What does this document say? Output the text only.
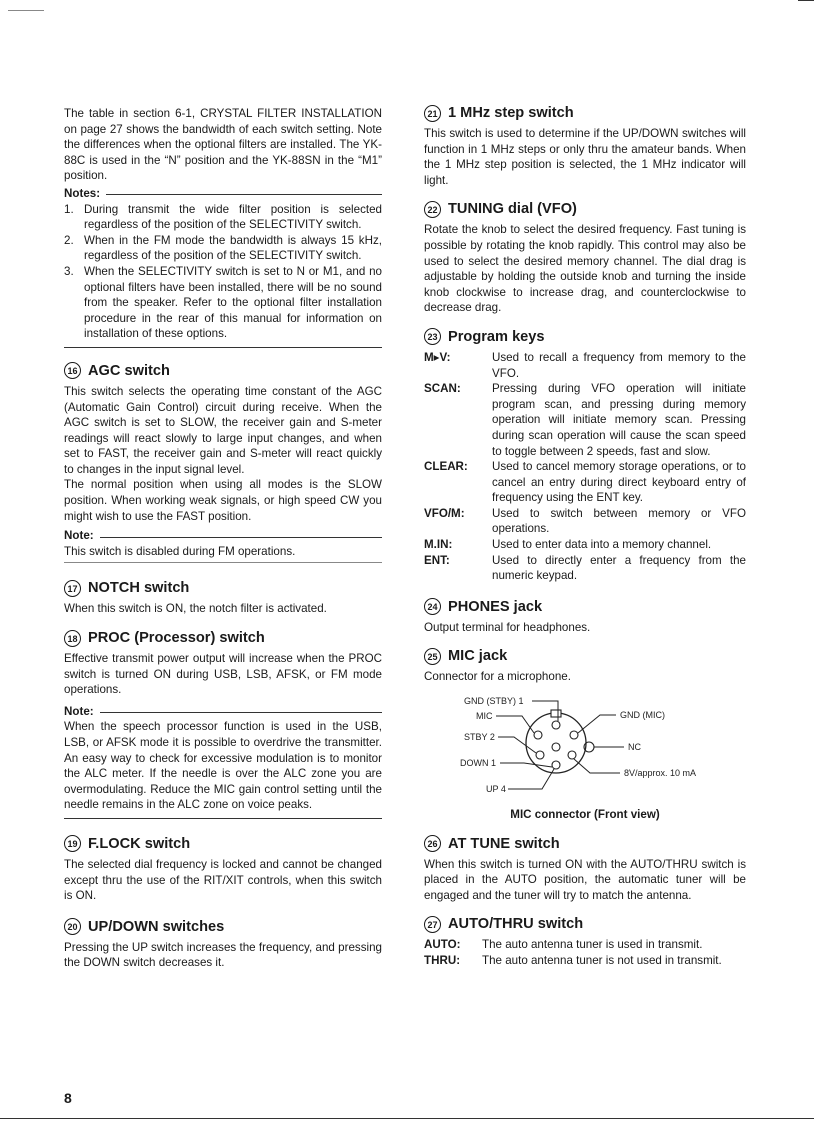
The table in section 6-1, CRYSTAL FILTER INSTALLATION on page 27 shows the bandwidth of each switch setting. Note the differences when the optional filters are installed. The YK-88C is used in the “N” position and the YK-88SN in the “M1” position.

Notes:
1. During transmit the wide filter position is selected regardless of the position of the SELECTIVITY switch.
2. When in the FM mode the bandwidth is always 15 kHz, regardless of the position of the SELECTIVITY switch.
3. When the SELECTIVITY switch is set to N or M1, and no optional filters have been installed, there will be no sound from the speaker. Refer to the optional filter installation procedure in the rear of this manual for information on installation of these options.
16 AGC switch

This switch selects the operating time constant of the AGC (Automatic Gain Control) circuit during receive. When the AGC switch is set to SLOW, the receiver gain and S-meter readings will react slowly to large input changes, and when set to FAST, the receiver gain and S-meter will react quickly to changes in the input signal level.

The normal position when using all modes is the SLOW position. When working weak signals, or high speed CW you might wish to use the FAST position.

Note:

This switch is disabled during FM operations.

17 NOTCH switch

When this switch is ON, the notch filter is activated.

18 PROC (Processor) switch

Effective transmit power output will increase when the PROC switch is turned ON during USB, LSB, AFSK, or FM mode operations.

Note:

When the speech processor function is used in the USB, LSB, or AFSK mode it is possible to overdrive the transmitter. An easy way to check for excessive modulation is to monitor the ALC meter. If the needle is over the ALC zone you are overmodulating. Reduce the MIC gain control setting until the needle remains in the ALC zone on voice peaks.

19 F.LOCK switch

The selected dial frequency is locked and cannot be changed except thru the use of the RIT/XIT controls, when this switch is ON.

20 UP/DOWN switches

Pressing the UP switch increases the frequency, and pressing the DOWN switch decreases it.

21 1 MHz step switch

This switch is used to determine if the UP/DOWN switches will function in 1 MHz steps or only thru the amateur bands. When the 1 MHz step position is selected, the 1 MHz indicator will light.

22 TUNING dial (VFO)

Rotate the knob to select the desired frequency. Fast tuning is possible by rotating the knob rapidly. This control may also be used to select the desired memory channel. The dial drag is adjustable by holding the outside knob and turning the inside knob clockwise to increase drag, and counterclockwise to decrease drag.

23 Program keys
M▸V:	Used to recall a frequency from memory to the VFO.
SCAN:	Pressing during VFO operation will initiate program scan, and pressing during memory operation will initiate memory scan. Pressing during scan operation will cause the scan speed to toggle between 2 speeds, fast and slow.
CLEAR:	Used to cancel memory storage operations, or to cancel an entry during direct keyboard entry of frequency using the ENT key.
VFO/M:	Used to switch between memory or VFO operations.
M.IN:	Used to enter data into a memory channel.
ENT:	Used to directly enter a frequency from the numeric keypad.
24 PHONES jack

Output terminal for headphones.

25 MIC jack

Connector for a microphone.

GND (STBY) 1
MIC
STBY 2
DOWN 1
UP 4
GND (MIC)
NC
8V/approx. 10 mA
MIC connector (Front view)
26 AT TUNE switch

When this switch is turned ON with the AUTO/THRU switch is placed in the AUTO position, the automatic tuner will be engaged and the tuner will try to match the antenna.

27 AUTO/THRU switch
AUTO:	The auto antenna tuner is used in transmit.
THRU:	The auto antenna tuner is not used in transmit.
8
